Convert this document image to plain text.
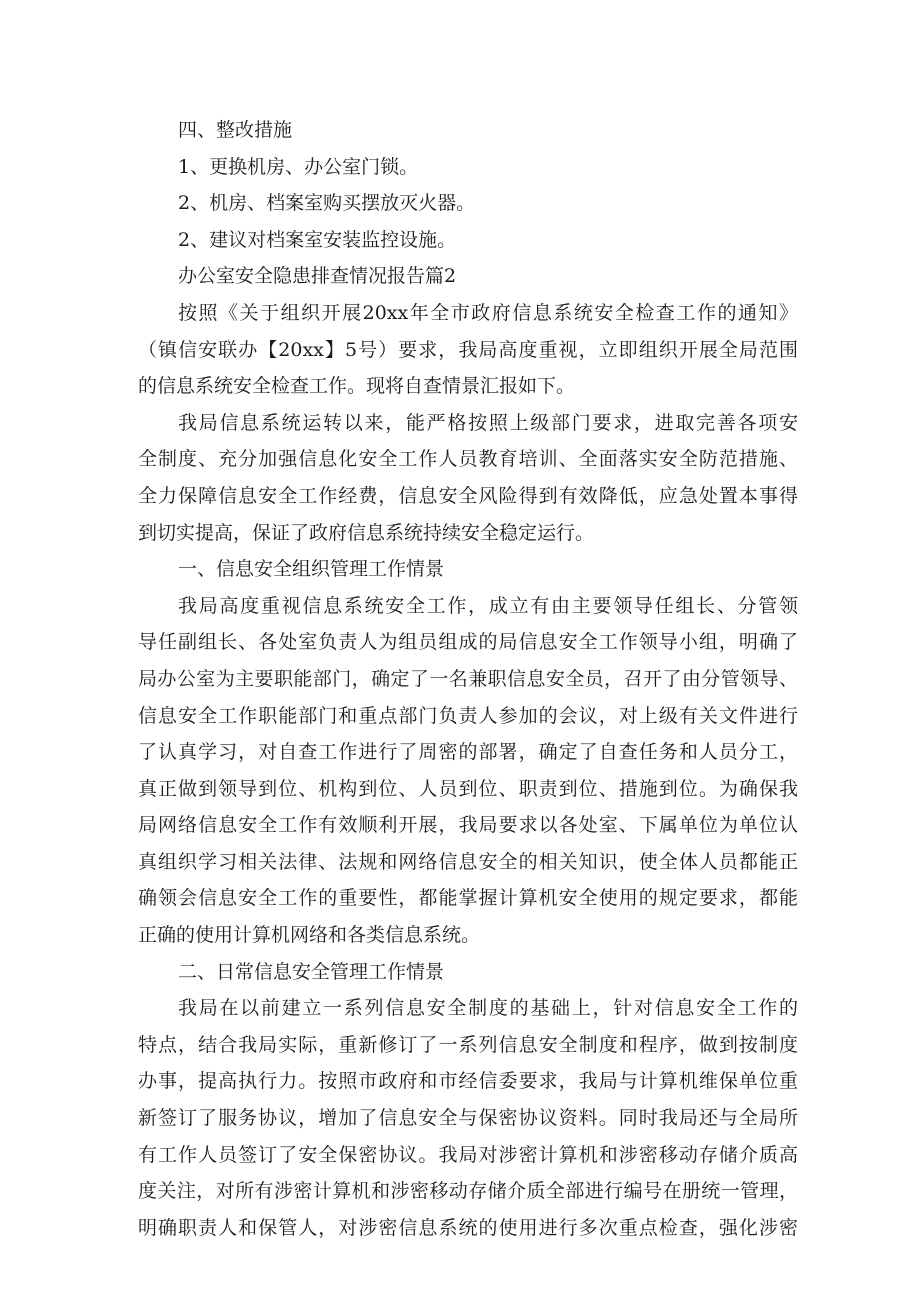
四、整改措施
1、更换机房、办公室门锁。
2、机房、档案室购买摆放灭火器。
2、建议对档案室安装监控设施。
办公室安全隐患排查情况报告篇2
按照《关于组织开展20xx年全市政府信息系统安全检查工作的通知》
（镇信安联办【20xx】5号）要求，我局高度重视，立即组织开展全局范围
的信息系统安全检查工作。现将自查情景汇报如下。
我局信息系统运转以来，能严格按照上级部门要求，进取完善各项安
全制度、充分加强信息化安全工作人员教育培训、全面落实安全防范措施、
全力保障信息安全工作经费，信息安全风险得到有效降低，应急处置本事得
到切实提高，保证了政府信息系统持续安全稳定运行。
一、信息安全组织管理工作情景
我局高度重视信息系统安全工作，成立有由主要领导任组长、分管领
导任副组长、各处室负责人为组员组成的局信息安全工作领导小组，明确了
局办公室为主要职能部门，确定了一名兼职信息安全员，召开了由分管领导、
信息安全工作职能部门和重点部门负责人参加的会议，对上级有关文件进行
了认真学习，对自查工作进行了周密的部署，确定了自查任务和人员分工，
真正做到领导到位、机构到位、人员到位、职责到位、措施到位。为确保我
局网络信息安全工作有效顺利开展，我局要求以各处室、下属单位为单位认
真组织学习相关法律、法规和网络信息安全的相关知识，使全体人员都能正
确领会信息安全工作的重要性，都能掌握计算机安全使用的规定要求，都能
正确的使用计算机网络和各类信息系统。
二、日常信息安全管理工作情景
我局在以前建立一系列信息安全制度的基础上，针对信息安全工作的
特点，结合我局实际，重新修订了一系列信息安全制度和程序，做到按制度
办事，提高执行力。按照市政府和市经信委要求，我局与计算机维保单位重
新签订了服务协议，增加了信息安全与保密协议资料。同时我局还与全局所
有工作人员签订了安全保密协议。我局对涉密计算机和涉密移动存储介质高
度关注，对所有涉密计算机和涉密移动存储介质全部进行编号在册统一管理，
明确职责人和保管人，对涉密信息系统的使用进行多次重点检查，强化涉密
